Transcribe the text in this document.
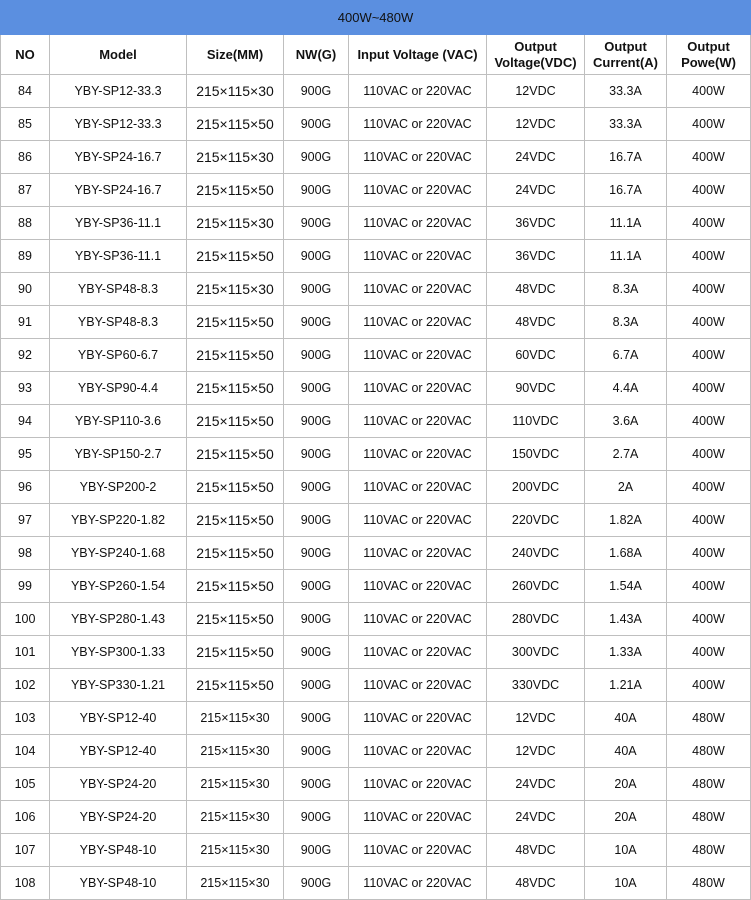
400W~480W							
NO	Model	Size(MM)	NW(G)	Input Voltage (VAC)	Output Voltage(VDC)	Output Current(A)	Output Powe(W)
84	YBY-SP12-33.3	215×115×30	900G	110VAC or 220VAC	12VDC	33.3A	400W
85	YBY-SP12-33.3	215×115×50	900G	110VAC or 220VAC	12VDC	33.3A	400W
86	YBY-SP24-16.7	215×115×30	900G	110VAC or 220VAC	24VDC	16.7A	400W
87	YBY-SP24-16.7	215×115×50	900G	110VAC or 220VAC	24VDC	16.7A	400W
88	YBY-SP36-11.1	215×115×30	900G	110VAC or 220VAC	36VDC	11.1A	400W
89	YBY-SP36-11.1	215×115×50	900G	110VAC or 220VAC	36VDC	11.1A	400W
90	YBY-SP48-8.3	215×115×30	900G	110VAC or 220VAC	48VDC	8.3A	400W
91	YBY-SP48-8.3	215×115×50	900G	110VAC or 220VAC	48VDC	8.3A	400W
92	YBY-SP60-6.7	215×115×50	900G	110VAC or 220VAC	60VDC	6.7A	400W
93	YBY-SP90-4.4	215×115×50	900G	110VAC or 220VAC	90VDC	4.4A	400W
94	YBY-SP110-3.6	215×115×50	900G	110VAC or 220VAC	110VDC	3.6A	400W
95	YBY-SP150-2.7	215×115×50	900G	110VAC or 220VAC	150VDC	2.7A	400W
96	YBY-SP200-2	215×115×50	900G	110VAC or 220VAC	200VDC	2A	400W
97	YBY-SP220-1.82	215×115×50	900G	110VAC or 220VAC	220VDC	1.82A	400W
98	YBY-SP240-1.68	215×115×50	900G	110VAC or 220VAC	240VDC	1.68A	400W
99	YBY-SP260-1.54	215×115×50	900G	110VAC or 220VAC	260VDC	1.54A	400W
100	YBY-SP280-1.43	215×115×50	900G	110VAC or 220VAC	280VDC	1.43A	400W
101	YBY-SP300-1.33	215×115×50	900G	110VAC or 220VAC	300VDC	1.33A	400W
102	YBY-SP330-1.21	215×115×50	900G	110VAC or 220VAC	330VDC	1.21A	400W
103	YBY-SP12-40	215×115×30	900G	110VAC or 220VAC	12VDC	40A	480W
104	YBY-SP12-40	215×115×30	900G	110VAC or 220VAC	12VDC	40A	480W
105	YBY-SP24-20	215×115×30	900G	110VAC or 220VAC	24VDC	20A	480W
106	YBY-SP24-20	215×115×30	900G	110VAC or 220VAC	24VDC	20A	480W
107	YBY-SP48-10	215×115×30	900G	110VAC or 220VAC	48VDC	10A	480W
108	YBY-SP48-10	215×115×30	900G	110VAC or 220VAC	48VDC	10A	480W
